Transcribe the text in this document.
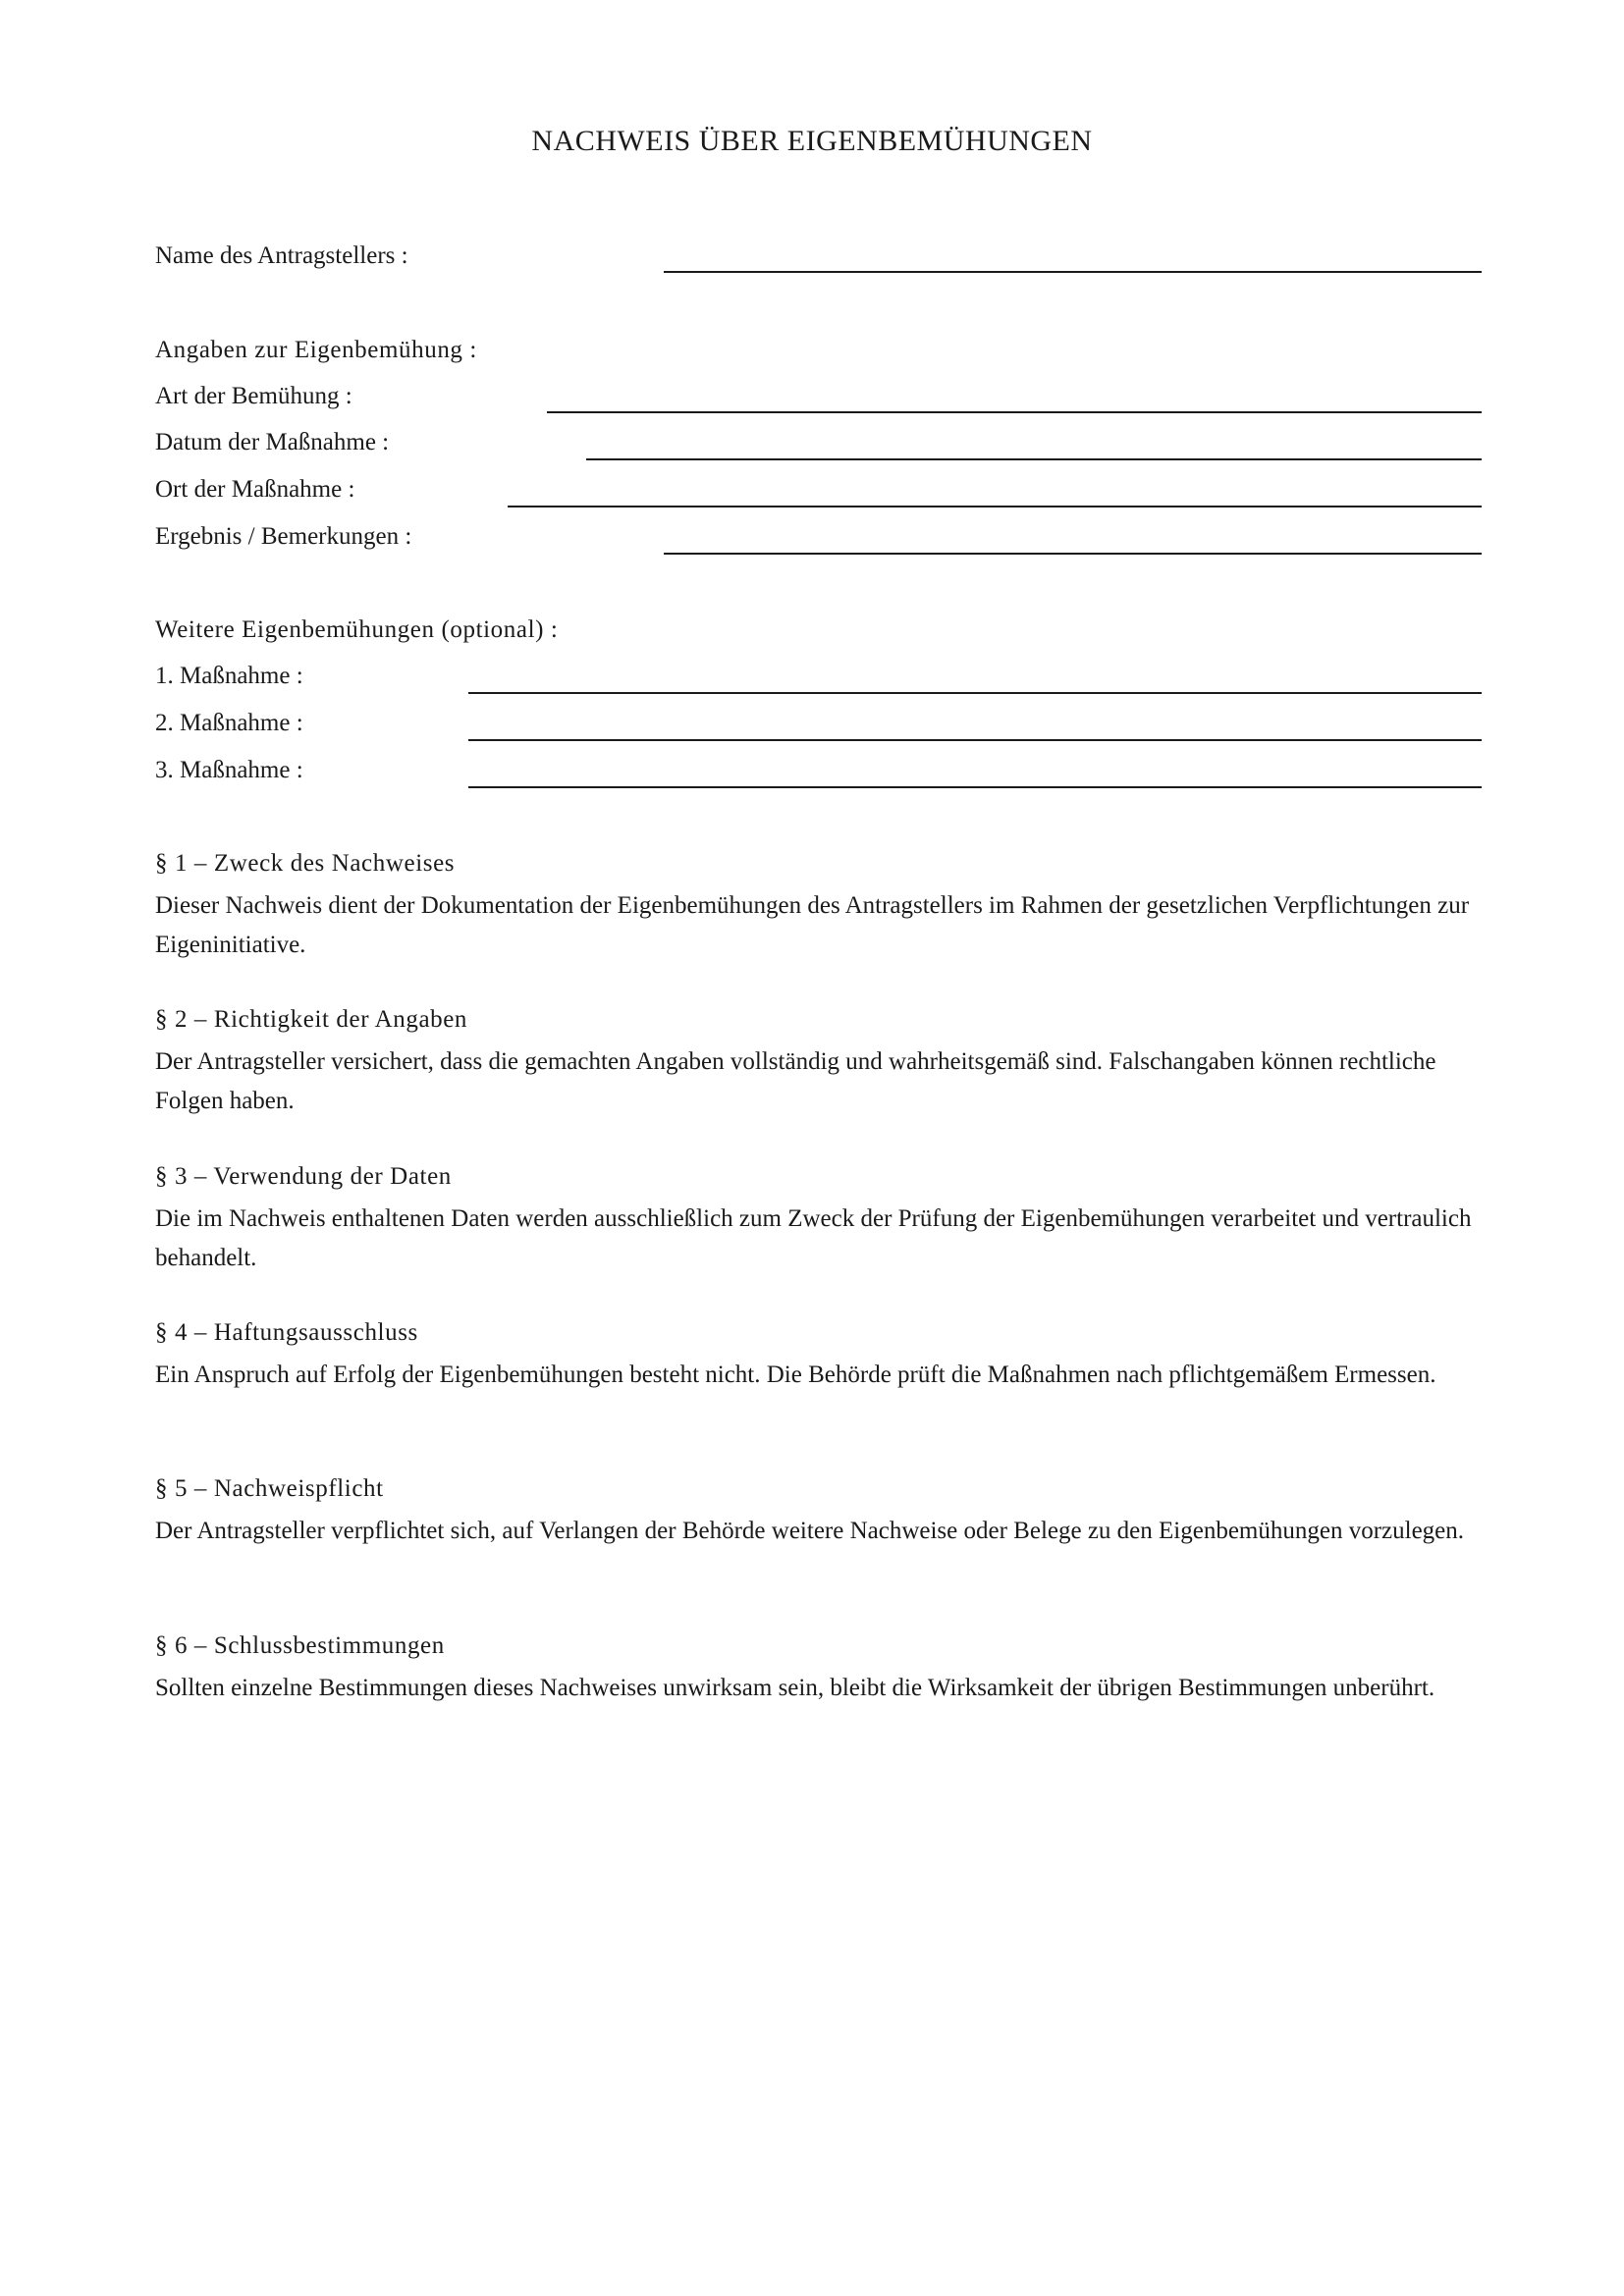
NACHWEIS ÜBER EIGENBEMÜHUNGEN
Name des Antragstellers :
Angaben zur Eigenbemühung :
Art der Bemühung :
Datum der Maßnahme :
Ort der Maßnahme :
Ergebnis / Bemerkungen :
Weitere Eigenbemühungen (optional) :
1. Maßnahme :
2. Maßnahme :
3. Maßnahme :
§ 1 – Zweck des Nachweises
Dieser Nachweis dient der Dokumentation der Eigenbemühungen des Antragstellers im Rahmen der gesetzlichen Verpflichtungen zur Eigeninitiative.
§ 2 – Richtigkeit der Angaben
Der Antragsteller versichert, dass die gemachten Angaben vollständig und wahrheitsgemäß sind. Falschangaben können rechtliche Folgen haben.
§ 3 – Verwendung der Daten
Die im Nachweis enthaltenen Daten werden ausschließlich zum Zweck der Prüfung der Eigenbemühungen verarbeitet und vertraulich behandelt.
§ 4 – Haftungsausschluss
Ein Anspruch auf Erfolg der Eigenbemühungen besteht nicht. Die Behörde prüft die Maßnahmen nach pflichtgemäßem Ermessen.
§ 5 – Nachweispflicht
Der Antragsteller verpflichtet sich, auf Verlangen der Behörde weitere Nachweise oder Belege zu den Eigenbemühungen vorzulegen.
§ 6 – Schlussbestimmungen
Sollten einzelne Bestimmungen dieses Nachweises unwirksam sein, bleibt die Wirksamkeit der übrigen Bestimmungen unberührt.
